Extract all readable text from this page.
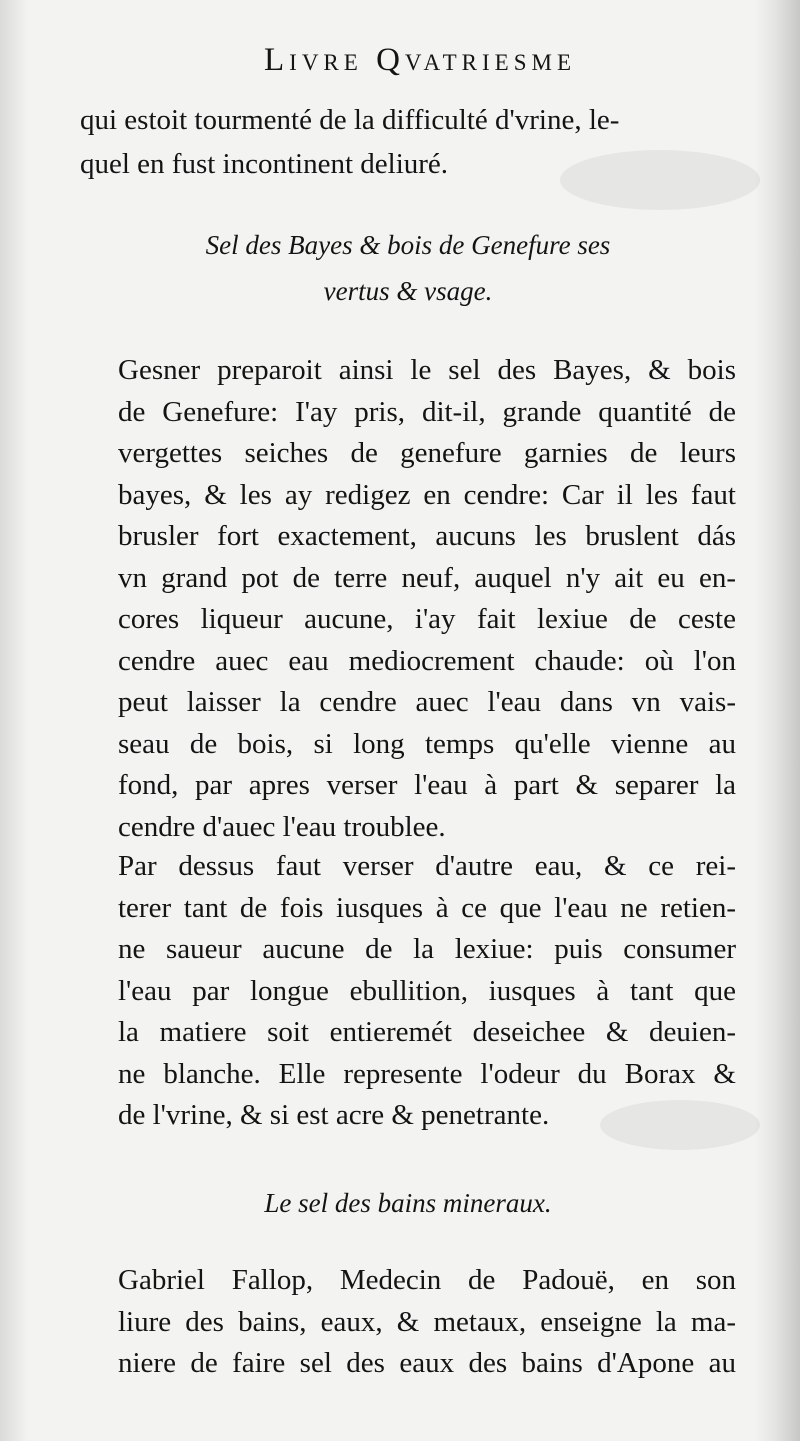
Livre Qvatriesme
qui estoit tourmenté de la difficulté d'vrine, le-
quel en fust incontinent deliuré.
Sel des Bayes & bois de Genefure ses
vertus & vsage.
Gesner preparoit ainsi le sel des Bayes, & bois
de Genefure: I'ay pris, dit-il, grande quantité de
vergettes seiches de genefure garnies de leurs
bayes, & les ay redigez en cendre: Car il les faut
brusler fort exactement, aucuns les bruslent dás
vn grand pot de terre neuf, auquel n'y ait eu en-
cores liqueur aucune, i'ay fait lexiue de ceste
cendre auec eau mediocrement chaude: où l'on
peut laisser la cendre auec l'eau dans vn vais-
seau de bois, si long temps qu'elle vienne au
fond, par apres verser l'eau à part & separer la
cendre d'auec l'eau troublee.
Par dessus faut verser d'autre eau, & ce rei-
terer tant de fois iusques à ce que l'eau ne retien-
ne saueur aucune de la lexiue: puis consumer
l'eau par longue ebullition, iusques à tant que
la matiere soit entieremét deseichee & deuien-
ne blanche. Elle represente l'odeur du Borax &
de l'vrine, & si est acre & penetrante.
Le sel des bains mineraux.
Gabriel Fallop, Medecin de Padouë, en son
liure des bains, eaux, & metaux, enseigne la ma-
niere de faire sel des eaux des bains d'Apone au
